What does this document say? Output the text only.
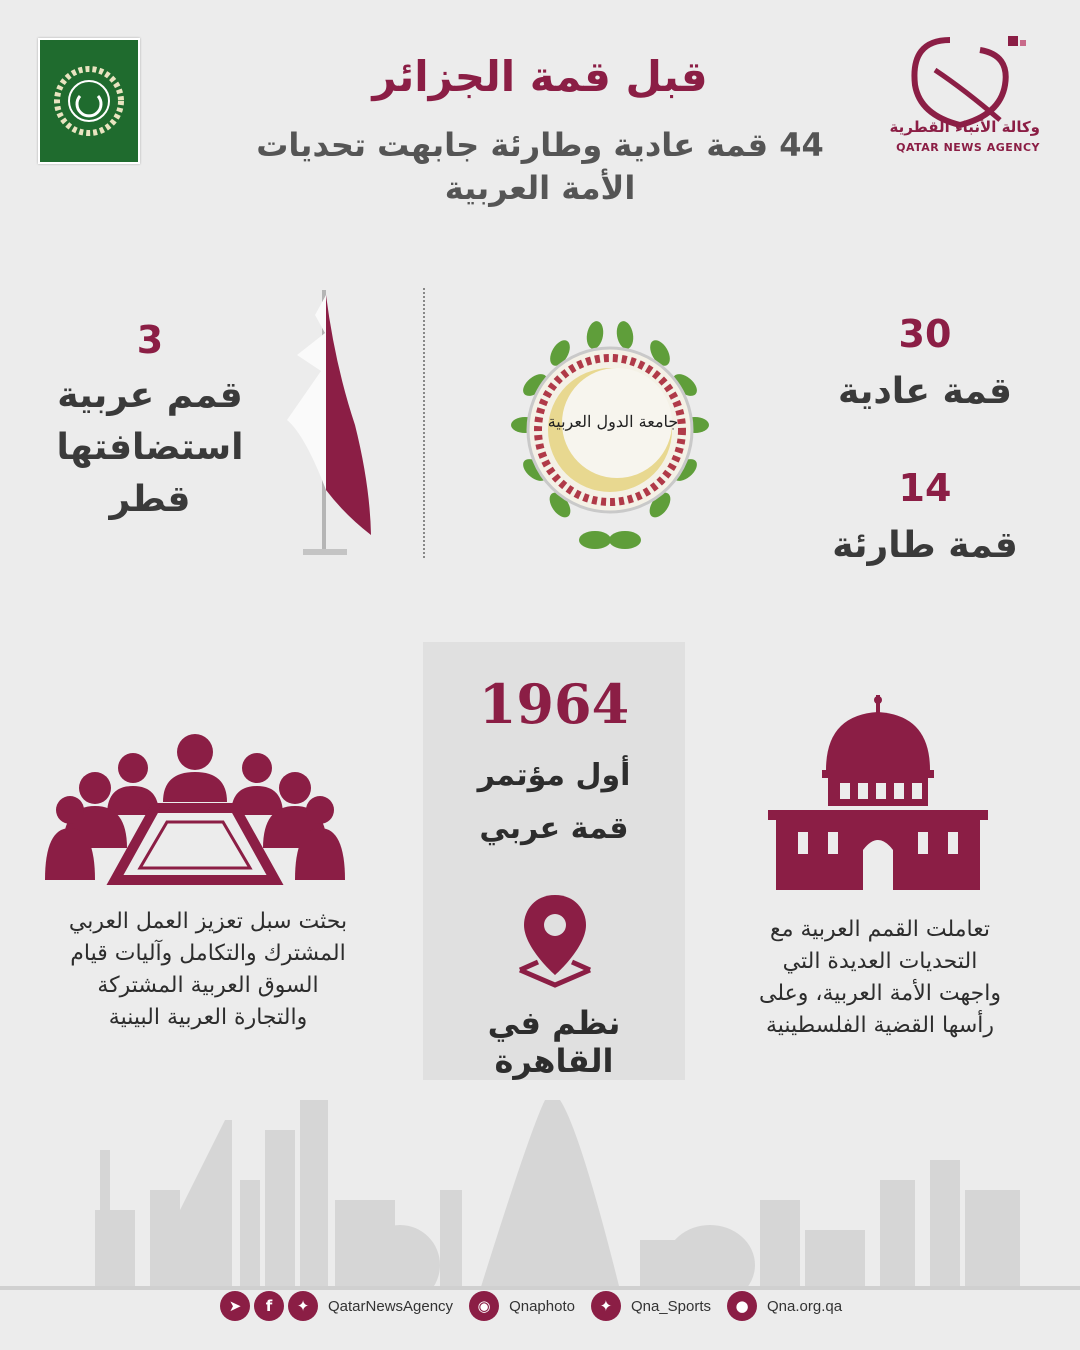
قبل قمة الجزائر
44 قمة عادية وطارئة جابهت تحديات
الأمة العربية
وكالة الأنباء القطرية
QATAR NEWS AGENCY
3
قمم عربية
استضافتها
قطر
جامعة الدول العربية
30
قمة عادية
14
قمة طارئة
1964
أول مؤتمر
قمة عربي
نظم في القاهرة
بحثت سبل تعزيز العمل العربي
المشترك والتكامل وآليات قيام
السوق العربية المشتركة
والتجارة العربية البينية
تعاملت القمم العربية مع
التحديات العديدة التي
واجهت الأمة العربية، وعلى
رأسها القضية الفلسطينية
➤	f	✦	QatarNewsAgency	◉	Qnaphoto	✦	Qna_Sports	●	Qna.org.qa
